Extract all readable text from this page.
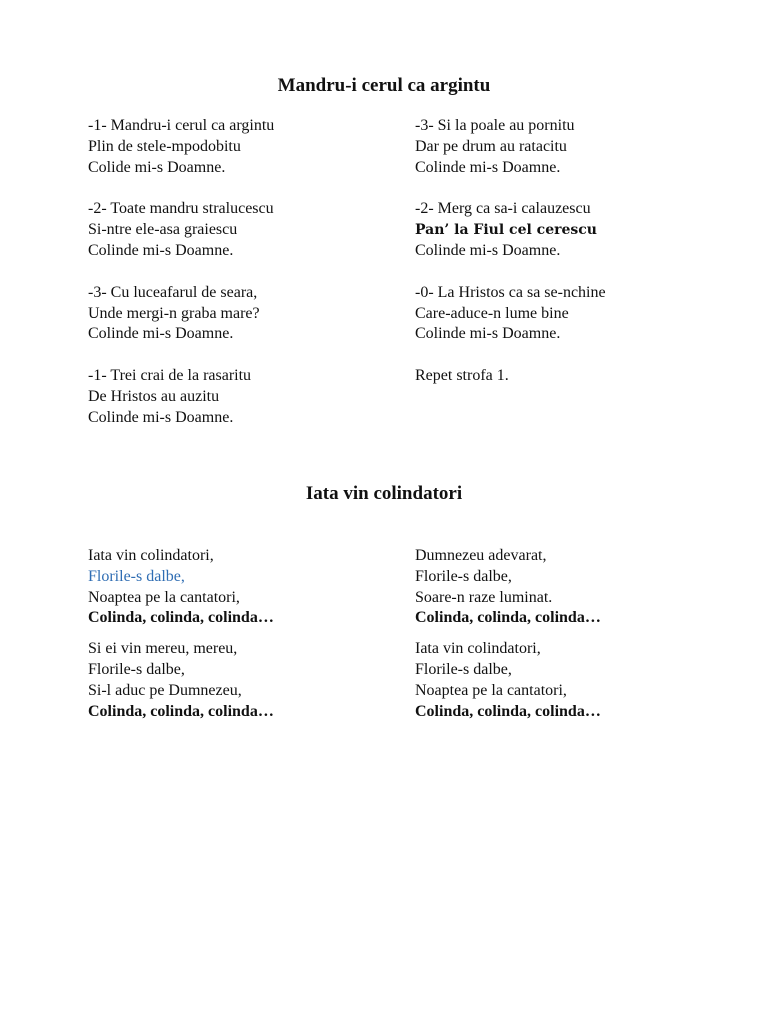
Mandru-i cerul ca argintu
-1- Mandru-i cerul ca argintu
Plin de stele-mpodobitu
Colide mi-s Doamne.
-2- Toate mandru stralucescu
Si-ntre ele-asa graiescu
Colinde mi-s Doamne.
-3- Cu luceafarul de seara,
Unde mergi-n graba mare?
Colinde mi-s Doamne.
-1- Trei crai de la rasaritu
De Hristos au auzitu
Colinde mi-s Doamne.
-3- Si la poale au pornitu
Dar pe drum au ratacitu
Colinde mi-s Doamne.
-2- Merg ca sa-i calauzescu
Pan’ la Fiul cel cerescu
Colinde mi-s Doamne.
-0- La Hristos ca sa se-nchine
Care-aduce-n lume bine
Colinde mi-s Doamne.
Repet strofa 1.
Iata vin colindatori
Iata vin colindatori,
Florile-s dalbe,
Noaptea pe la cantatori,
Colinda, colinda, colinda…
Si ei vin mereu, mereu,
Florile-s dalbe,
Si-l aduc pe Dumnezeu,
Colinda, colinda, colinda…
Dumnezeu adevarat,
Florile-s dalbe,
Soare-n raze luminat.
Colinda, colinda, colinda…
Iata vin colindatori,
Florile-s dalbe,
Noaptea pe la cantatori,
Colinda, colinda, colinda…
